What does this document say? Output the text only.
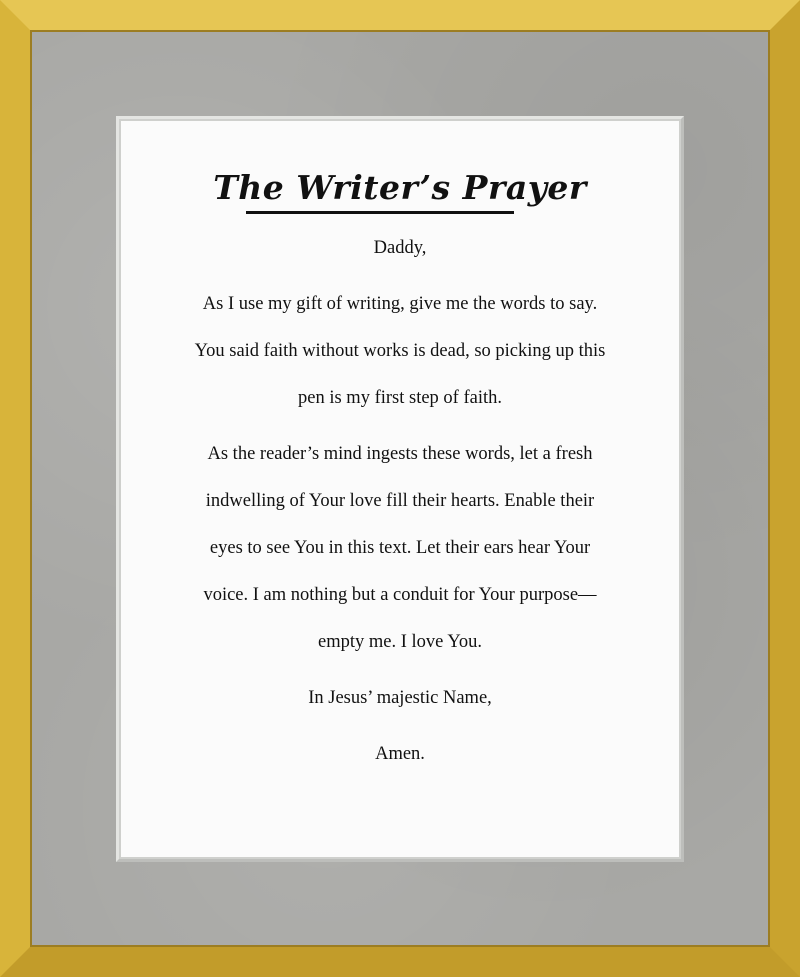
The Writer’s Prayer

Daddy,

As I use my gift of writing, give me the words to say.

You said faith without works is dead, so picking up this

pen is my first step of faith.

As the reader’s mind ingests these words, let a fresh

indwelling of Your love fill their hearts. Enable their

eyes to see You in this text. Let their ears hear Your

voice. I am nothing but a conduit for Your purpose—

empty me. I love You.

In Jesus’ majestic Name,

Amen.
